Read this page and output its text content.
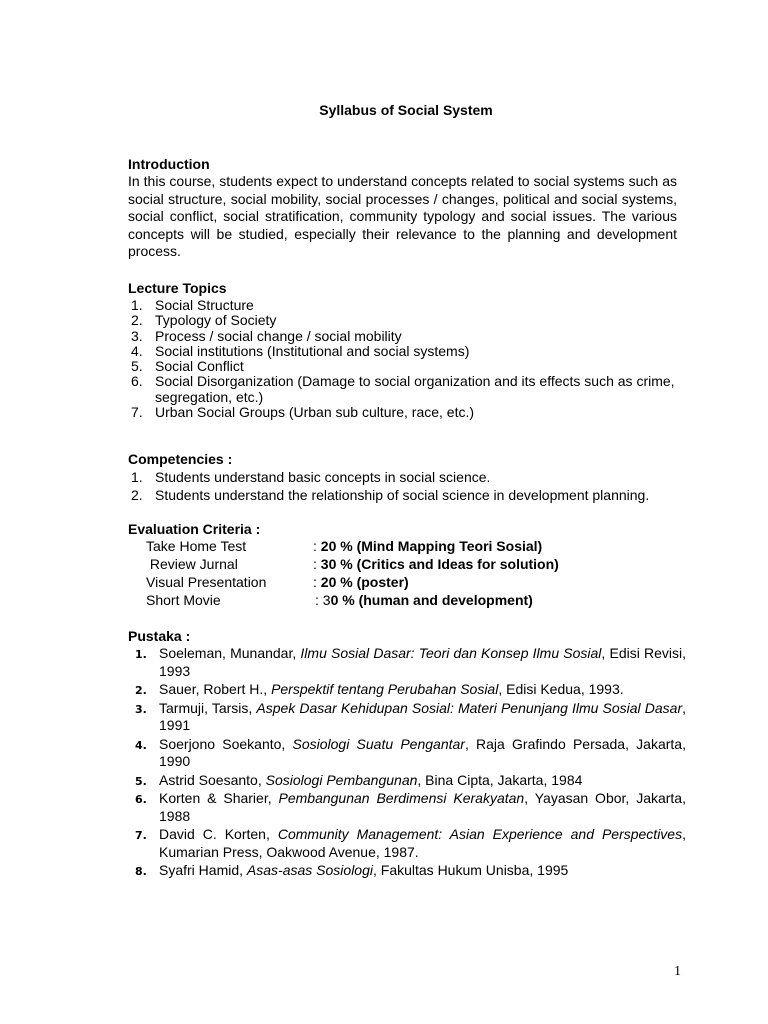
Syllabus of Social System
Introduction

In this course, students expect to understand concepts related to social systems such as social structure, social mobility, social processes / changes, political and social systems, social conflict, social stratification, community typology and social issues. The various concepts will be studied, especially their relevance to the planning and development process.

Lecture Topics
1. Social Structure
2. Typology of Society
3. Process / social change / social mobility
4. Social institutions (Institutional and social systems)
5. Social Conflict
6. Social Disorganization (Damage to social organization and its effects such as crime, segregation, etc.)
7. Urban Social Groups (Urban sub culture, race, etc.)
Competencies :
1. Students understand basic concepts in social science.
2. Students understand the relationship of social science in development planning.
Evaluation Criteria :
Take Home Test	: 20 % (Mind Mapping Teori Sosial)
Review Jurnal	: 30 % (Critics and Ideas for solution)
Visual Presentation	: 20 % (poster)
Short Movie	: 30 % (human and development)
Pustaka :
1. Soeleman, Munandar, Ilmu Sosial Dasar: Teori dan Konsep Ilmu Sosial, Edisi Revisi, 1993
2. Sauer, Robert H., Perspektif tentang Perubahan Sosial, Edisi Kedua, 1993.
3. Tarmuji, Tarsis, Aspek Dasar Kehidupan Sosial: Materi Penunjang Ilmu Sosial Dasar, 1991
4. Soerjono Soekanto, Sosiologi Suatu Pengantar, Raja Grafindo Persada, Jakarta, 1990
5. Astrid Soesanto, Sosiologi Pembangunan, Bina Cipta, Jakarta, 1984
6. Korten & Sharier, Pembangunan Berdimensi Kerakyatan, Yayasan Obor, Jakarta, 1988
7. David C. Korten, Community Management: Asian Experience and Perspectives, Kumarian Press, Oakwood Avenue, 1987.
8. Syafri Hamid, Asas-asas Sosiologi, Fakultas Hukum Unisba, 1995
1
